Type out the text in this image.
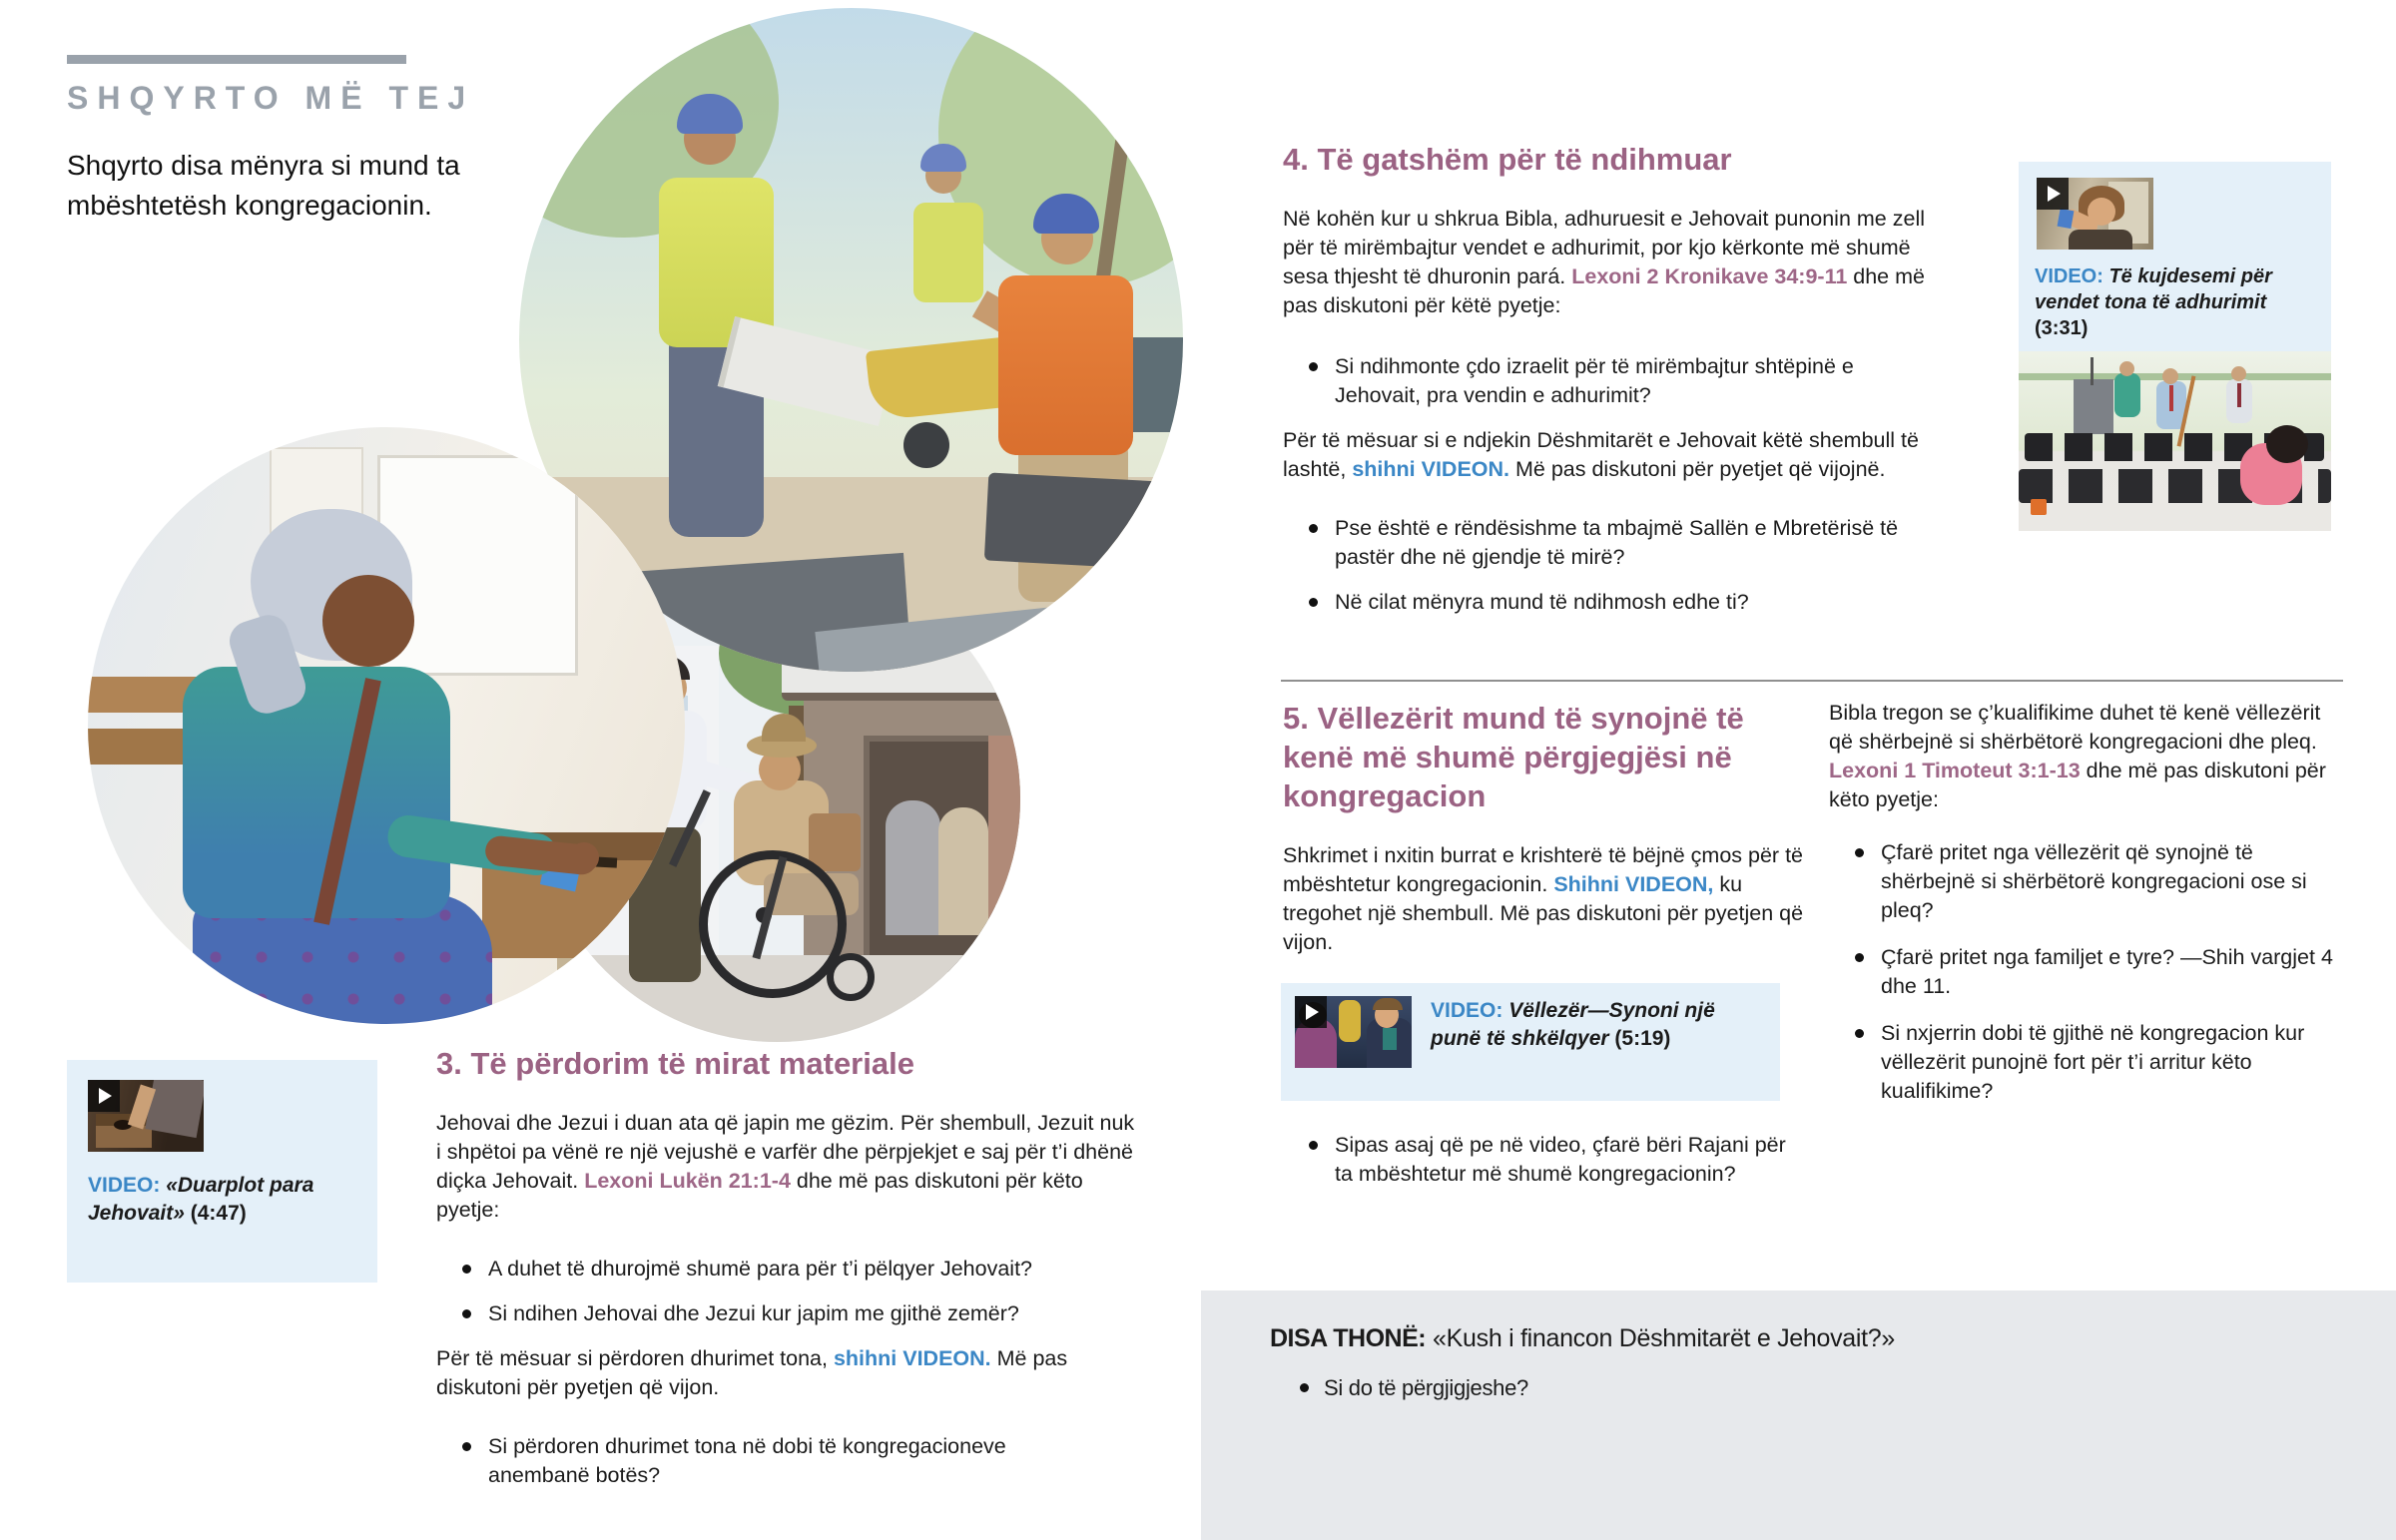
SHQYRTO MË TEJ
Shqyrto disa mënyra si mund ta mbështetësh kongregacionin.

VIDEO: «Duarplot para Jehovait» (4:47)

3. Të përdorim të mirat materiale

Jehovai dhe Jezui i duan ata që japin me gëzim. Për shembull, Jezuit nuk i shpëtoi pa vënë re një vejushë e varfër dhe përpjekjet e saj për t’i dhënë diçka Jehovait. Lexoni Lukën 21:1-4 dhe më pas diskutoni për këto pyetje:

A duhet të dhurojmë shumë para për t’i pëlqyer Jehovait?
Si ndihen Jehovai dhe Jezui kur japim me gjithë zemër?

Për të mësuar si përdoren dhurimet tona, shihni VIDEON. Më pas diskutoni për pyetjen që vijon.

Si përdoren dhurimet tona në dobi të kongregacioneve anembanë botës?
4. Të gatshëm për të ndihmuar

Në kohën kur u shkrua Bibla, adhuruesit e Jehovait punonin me zell për të mirëmbajtur vendet e adhurimit, por kjo kërkonte më shumë sesa thjesht të dhuronin pará. Lexoni 2 Kronikave 34:9-11 dhe më pas diskutoni për këtë pyetje:

Si ndihmonte çdo izraelit për të mirëmbajtur shtëpinë e Jehovait, pra vendin e adhurimit?

Për të mësuar si e ndjekin Dëshmitarët e Jehovait këtë shembull të lashtë, shihni VIDEON. Më pas diskutoni për pyetjet që vijojnë.

Pse është e rëndësishme ta mbajmë Sallën e Mbretërisë të pastër dhe në gjendje të mirë?
Në cilat mënyra mund të ndihmosh edhe ti?

VIDEO: Të kujdesemi për vendet tona të adhurimit (3:31)

5. Vëllezërit mund të synojnë të kenë më shumë përgjegjësi në kongregacion

Shkrimet i nxitin burrat e krishterë të bëjnë çmos për të mbështetur kongregacionin. Shihni VIDEON, ku tregohet një shembull. Më pas diskutoni për pyetjen që vijon.

VIDEO: Vëllezër—Synoni një punë të shkëlqyer (5:19)

Sipas asaj që pe në video, çfarë bëri Rajani për ta mbështetur më shumë kongregacionin?

Bibla tregon se ç’kualifikime duhet të kenë vëllezërit që shërbejnë si shërbëtorë kongregacioni dhe pleq. Lexoni 1 Timoteut 3:1-13 dhe më pas diskutoni për këto pyetje:

Çfarë pritet nga vëllezërit që synojnë të shërbejnë si shërbëtorë kongregacioni ose si pleq?
Çfarë pritet nga familjet e tyre? —Shih vargjet 4 dhe 11.
Si nxjerrin dobi të gjithë në kongregacion kur vëllezërit punojnë fort për t’i arritur këto kualifikime?

DISA THONË: «Kush i financon Dëshmitarët e Jehovait?»

Si do të përgjigjeshe?
